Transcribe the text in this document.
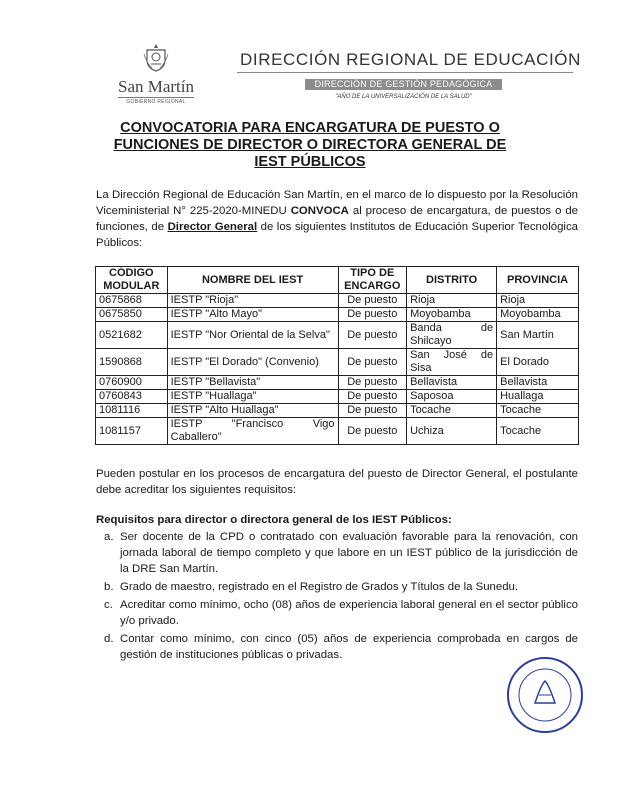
San Martín
GOBIERNO REGIONAL
DIRECCIÓN REGIONAL DE EDUCACIÓN
DIRECCIÓN DE GESTIÓN PEDAGÓGICA
"AÑO DE LA UNIVERSALIZACIÓN DE LA SALUD"
CONVOCATORIA PARA ENCARGATURA DE PUESTO O FUNCIONES DE DIRECTOR O DIRECTORA GENERAL DE IEST PÚBLICOS
La Dirección Regional de Educación San Martín, en el marco de lo dispuesto por la Resolución Viceministerial N° 225-2020-MINEDU CONVOCA al proceso de encargatura, de puestos o de funciones, de Director General de los siguientes Institutos de Educación Superior Tecnológica Públicos:
CÓDIGO MODULAR	NOMBRE DEL IEST	TIPO DE ENCARGO	DISTRITO	PROVINCIA
0675868	IESTP "Rioja"	De puesto	Rioja	Rioja
0675850	IESTP "Alto Mayo"	De puesto	Moyobamba	Moyobamba
0521682	IESTP "Nor Oriental de la Selva"	De puesto	Banda de Shilcayo	San Martín
1590868	IESTP "El Dorado" (Convenio)	De puesto	San José de Sisa	El Dorado
0760900	IESTP "Bellavista"	De puesto	Bellavista	Bellavista
0760843	IESTP "Huallaga"	De puesto	Saposoa	Huallaga
1081116	IESTP "Alto Huallaga"	De puesto	Tocache	Tocache
1081157	IESTP "Francisco Vigo Caballero"	De puesto	Uchiza	Tocache
Pueden postular en los procesos de encargatura del puesto de Director General, el postulante debe acreditar los siguientes requisitos:
Requisitos para director o directora general de los IEST Públicos:
a. Ser docente de la CPD o contratado con evaluación favorable para la renovación, con jornada laboral de tiempo completo y que labore en un IEST público de la jurisdicción de la DRE San Martín.
b. Grado de maestro, registrado en el Registro de Grados y Títulos de la Sunedu.
c. Acreditar como mínimo, ocho (08) años de experiencia laboral general en el sector público y/o privado.
d. Contar como mínimo, con cinco (05) años de experiencia comprobada en cargos de gestión de instituciones públicas o privadas.
